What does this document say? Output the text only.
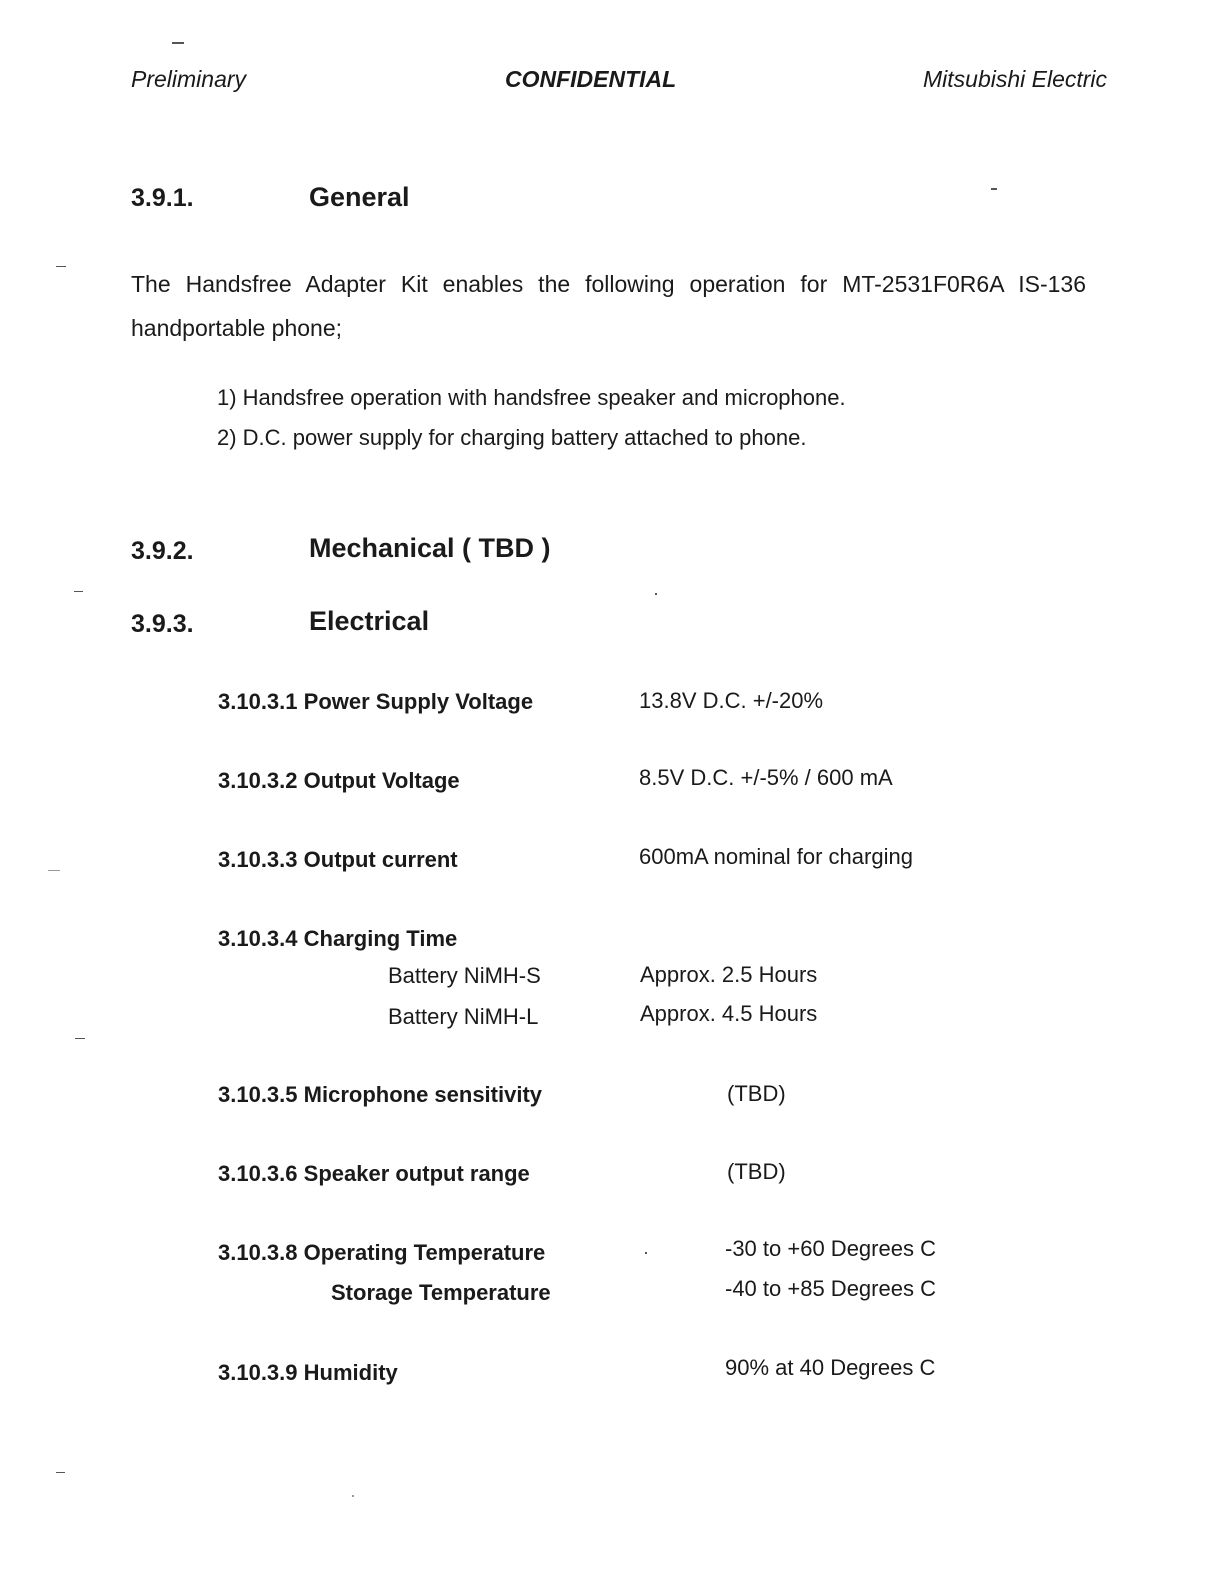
Preliminary	CONFIDENTIAL	Mitsubishi Electric
3.9.1.	General
The Handsfree Adapter Kit enables the following operation for MT-2531F0R6A IS-136 handportable phone;
1) Handsfree operation with handsfree speaker and microphone.
2) D.C. power supply for charging battery attached to phone.
3.9.2.	Mechanical ( TBD )
3.9.3.	Electrical
3.10.3.1 Power Supply Voltage	13.8V D.C. +/-20%
3.10.3.2 Output Voltage	8.5V D.C. +/-5% / 600 mA
3.10.3.3 Output current	600mA nominal for charging
3.10.3.4 Charging Time
Battery NiMH-S	Approx. 2.5 Hours
Battery NiMH-L	Approx. 4.5 Hours
3.10.3.5 Microphone sensitivity	(TBD)
3.10.3.6 Speaker output range	(TBD)
3.10.3.8 Operating Temperature	-30 to +60 Degrees C
Storage Temperature	-40 to +85 Degrees C
3.10.3.9 Humidity	90% at 40 Degrees C
